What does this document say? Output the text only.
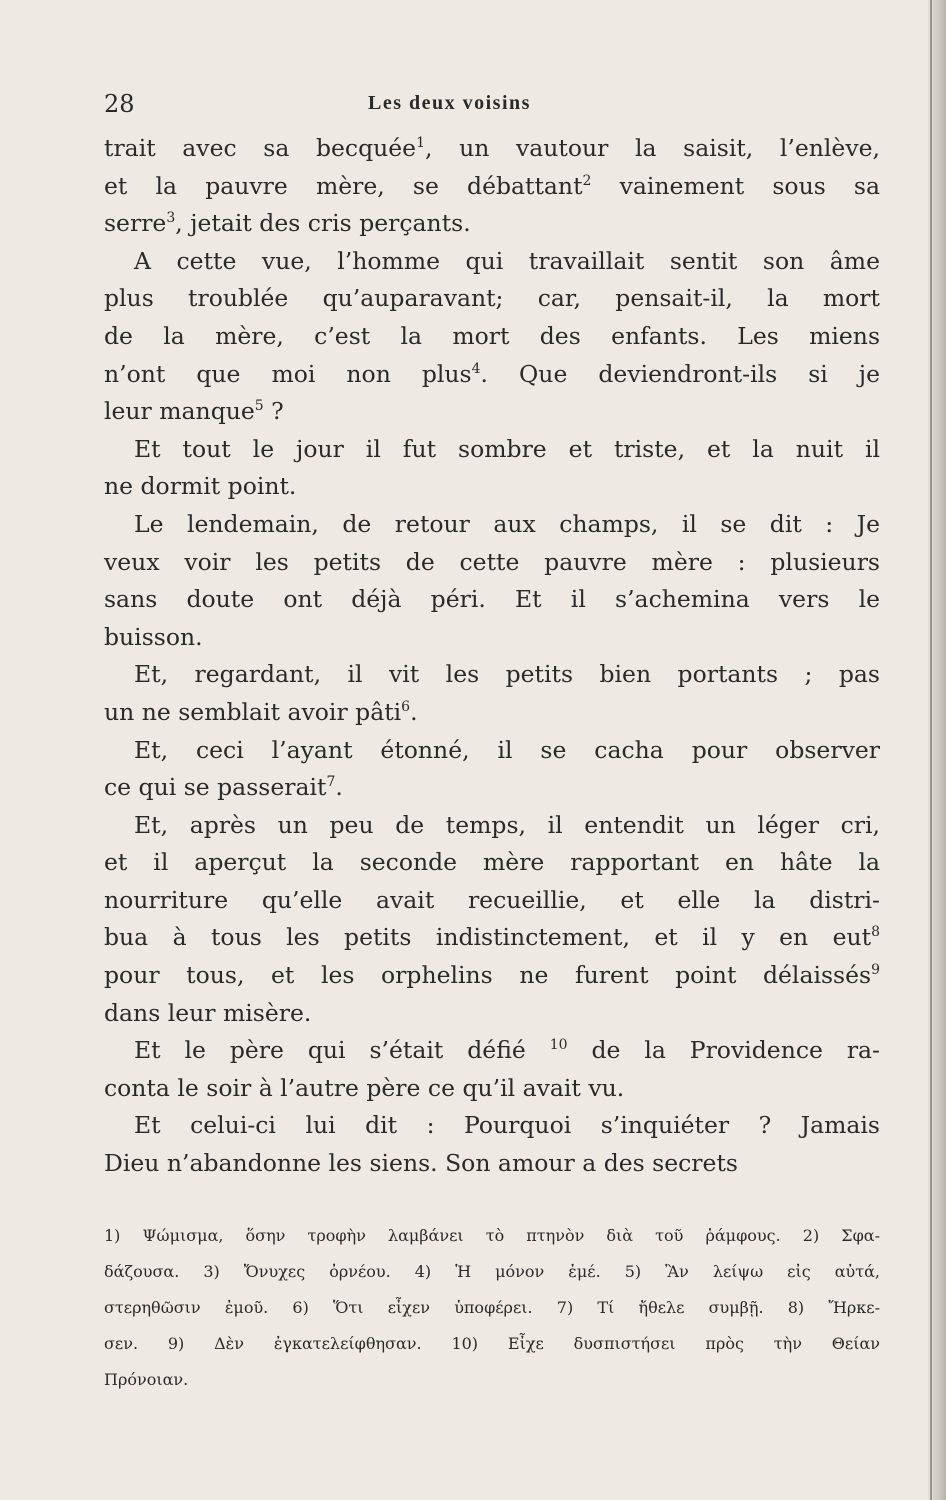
28	Les deux voisins
trait avec sa becquée$^1$, un vautour la saisit, l’enlève,
et la pauvre mère, se débattant$^2$ vainement sous sa
serre$^3$, jetait des cris perçants.
A cette vue, l’homme qui travaillait sentit son âme
plus troublée qu’auparavant; car, pensait-il, la mort
de la mère, c’est la mort des enfants. Les miens
n’ont que moi non plus$^4$. Que deviendront-ils si je
leur manque$^5$ ?
Et tout le jour il fut sombre et triste, et la nuit il
ne dormit point.
Le lendemain, de retour aux champs, il se dit : Je
veux voir les petits de cette pauvre mère : plusieurs
sans doute ont déjà péri. Et il s’achemina vers le
buisson.
Et, regardant, il vit les petits bien portants ; pas
un ne semblait avoir pâti$^6$.
Et, ceci l’ayant étonné, il se cacha pour observer
ce qui se passerait$^7$.
Et, après un peu de temps, il entendit un léger cri,
et il aperçut la seconde mère rapportant en hâte la
nourriture qu’elle avait recueillie, et elle la distri-
bua à tous les petits indistinctement, et il y en eut$^8$
pour tous, et les orphelins ne furent point délaissés$^9$
dans leur misère.
Et le père qui s’était défié $^{10}$ de la Providence ra-
conta le soir à l’autre père ce qu’il avait vu.
Et celui-ci lui dit : Pourquoi s’inquiéter ? Jamais
Dieu n’abandonne les siens. Son amour a des secrets
1) Ψώμισμα, ὅσην τροφὴν λαμβάνει τὸ πτηνὸν διὰ τοῦ ῥάμφους. 2) Σφα-
δάζουσα. 3) Ὄνυχες ὀρνέου. 4) Ἡ μόνον ἐμέ. 5) Ἂν λείψω εἰς αὐτά,
στερηθῶσιν ἐμοῦ. 6) Ὅτι εἶχεν ὑποφέρει. 7) Τί ἤθελε συμβῇ. 8) Ἤρκε-
σεν. 9) Δὲν ἐγκατελείφθησαν. 10) Εἶχε δυσπιστήσει πρὸς τὴν Θείαν
Πρόνοιαν.
